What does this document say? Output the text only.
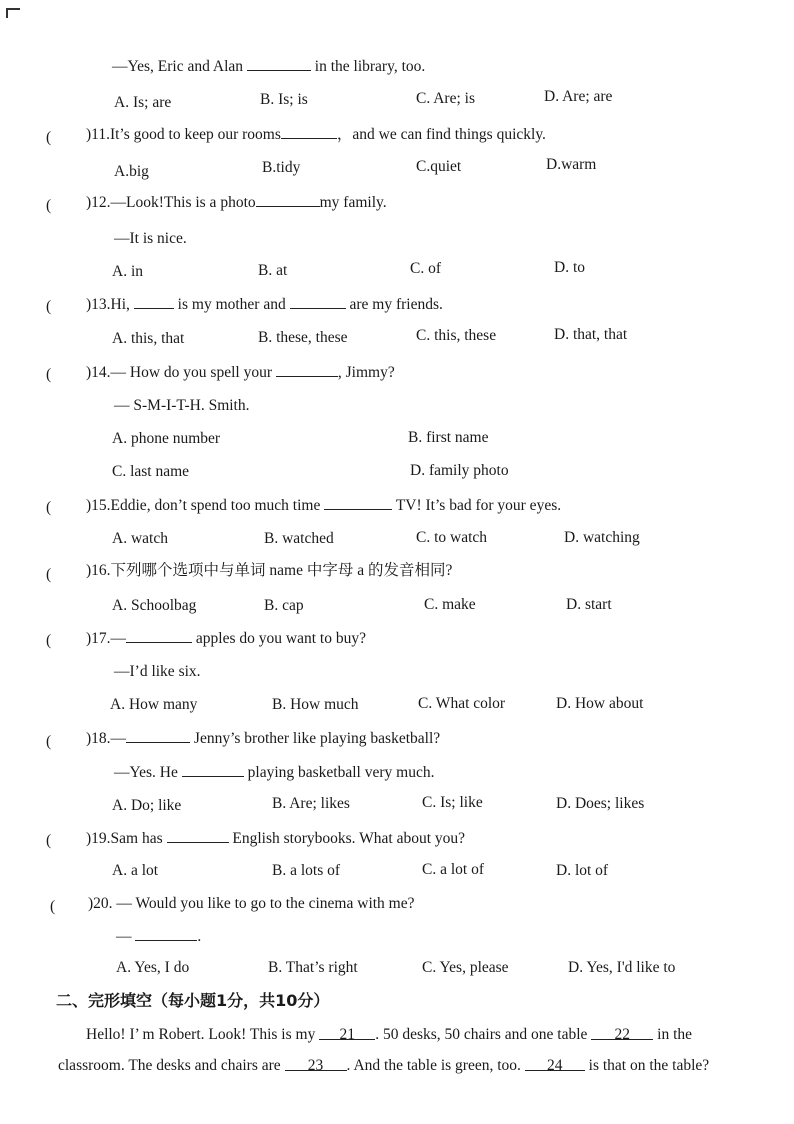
—Yes, Eric and Alan	in the library, too.
A. Is; are	B. Is; is	C. Are; is	D. Are; are
( )11.It’s good to keep our rooms	，and we can find things quickly.
A.big	B.tidy	C.quiet	D.warm
( )12.—Look!This is a photo	my family.
—It is nice.
A. in	B. at	C. of	D. to
( )13.Hi,	is my mother and	are my friends.
A. this, that	B. these, these	C. this, these	D. that, that
( )14.— How do you spell your	, Jimmy?
— S-M-I-T-H. Smith.
A. phone number	B. first name
C. last name	D. family photo
( )15.Eddie, don’t spend too much time	TV! It’s bad for your eyes.
A. watch	B. watched	C. to watch	D. watching
( )16.下列哪个选项中与单词 name 中字母 a 的发音相同?
A. Schoolbag	B. cap	C. make	D. start
( )17.—	apples do you want to buy?
—I’d like six.
A. How many	B. How much	C. What color	D. How about
( )18.—	Jenny’s brother like playing basketball?
—Yes. He	playing basketball very much.
A. Do; like	B. Are; likes	C. Is; like	D. Does; likes
( )19.Sam has	English storybooks. What about you?
A. a lot	B. a lots of	C. a lot of	D. lot of
( )20. — Would you like to go to the cinema with me?
—	.
A. Yes, I do	B. That’s right	C. Yes, please	D. Yes, I'd like to
二、完形填空（每小题1分，共10分）
Hello! I’ m Robert. Look! This is my 21 . 50 desks, 50 chairs and one table 22 in the
classroom. The desks and chairs are 23 . And the table is green, too. 24 is that on the table?
